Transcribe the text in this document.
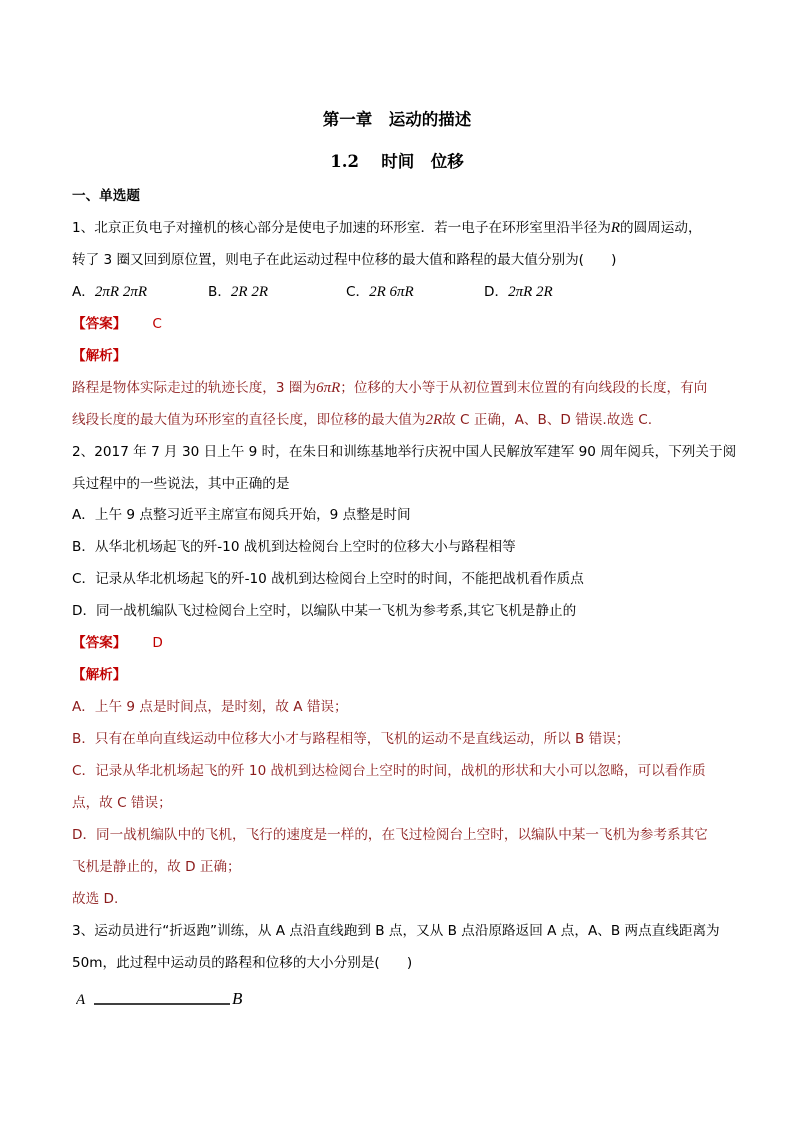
第一章　运动的描述
1.2　 时间　位移
一、单选题
1、北京正负电子对撞机的核心部分是使电子加速的环形室．若一电子在环形室里沿半径为R的圆周运动，
转了 3 圈又回到原位置，则电子在此运动过程中位移的最大值和路程的最大值分别为(　　)
A．2πR 2πR	B．2R 2R	C．2R 6πR	D．2πR 2R
【答案】 C
【解析】
路程是物体实际走过的轨迹长度，3 圈为6πR；位移的大小等于从初位置到末位置的有向线段的长度，有向
线段长度的最大值为环形室的直径长度，即位移的最大值为2R故 C 正确，A、B、D 错误.故选 C.
2、2017 年 7 月 30 日上午 9 时，在朱日和训练基地举行庆祝中国人民解放军建军 90 周年阅兵，下列关于阅
兵过程中的一些说法，其中正确的是
A．上午 9 点整习近平主席宣布阅兵开始，9 点整是时间
B．从华北机场起飞的歼-10 战机到达检阅台上空时的位移大小与路程相等
C．记录从华北机场起飞的歼-10 战机到达检阅台上空时的时间，不能把战机看作质点
D．同一战机编队飞过检阅台上空时，以编队中某一飞机为参考系,其它飞机是静止的
【答案】 D
【解析】
A．上午 9 点是时间点，是时刻，故 A 错误；
B．只有在单向直线运动中位移大小才与路程相等，飞机的运动不是直线运动，所以 B 错误；
C．记录从华北机场起飞的歼 10 战机到达检阅台上空时的时间，战机的形状和大小可以忽略，可以看作质
点，故 C 错误；
D．同一战机编队中的飞机，飞行的速度是一样的，在飞过检阅台上空时，以编队中某一飞机为参考系其它
飞机是静止的，故 D 正确；
故选 D.
3、运动员进行“折返跑”训练，从 A 点沿直线跑到 B 点，又从 B 点沿原路返回 A 点，A、B 两点直线距离为
50m，此过程中运动员的路程和位移的大小分别是(　　)
A	B
